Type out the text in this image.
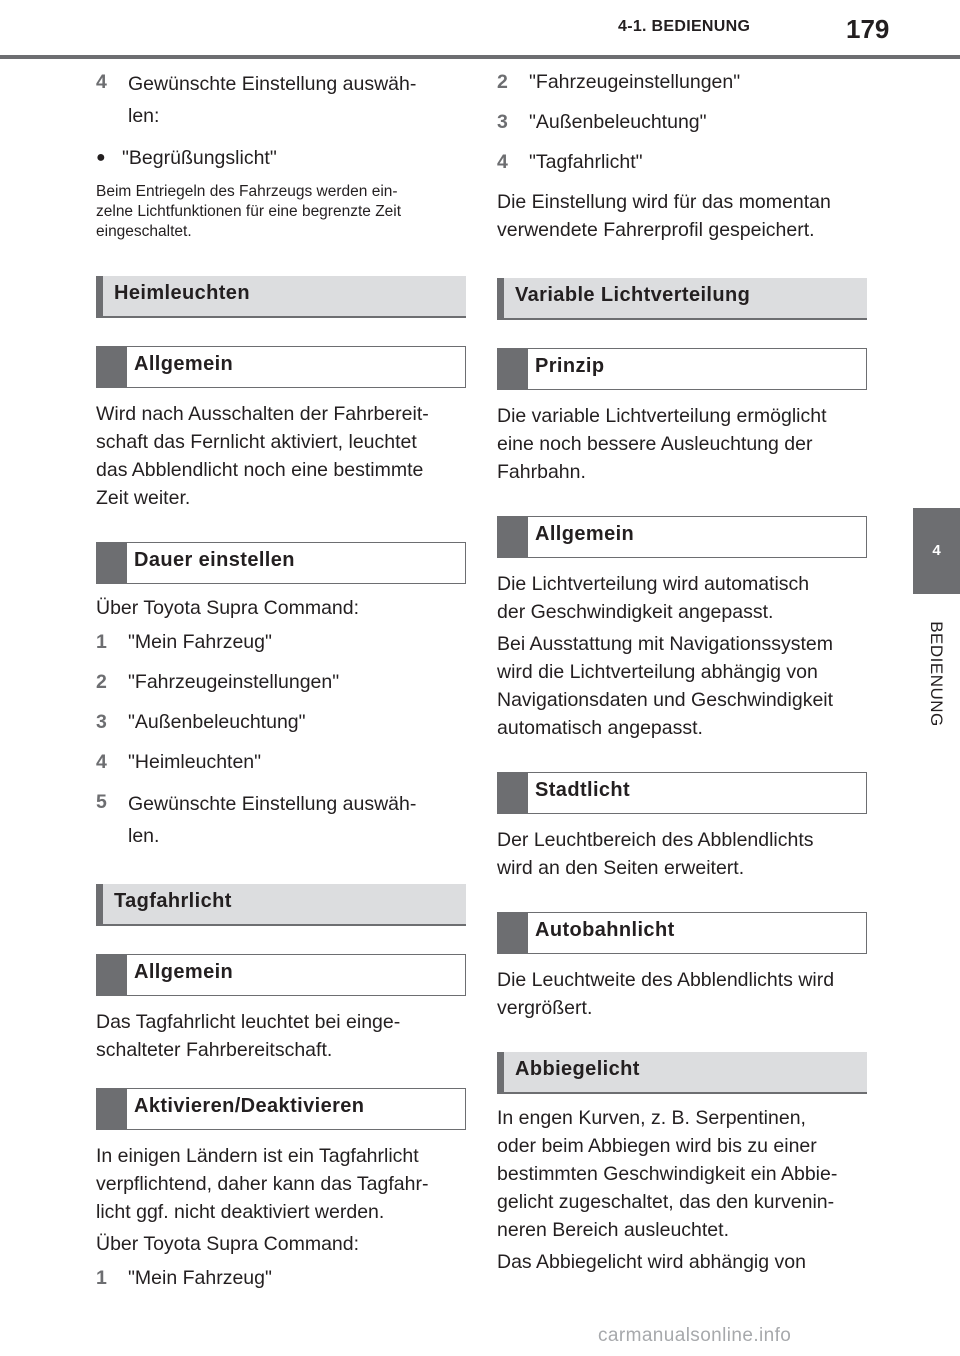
4-1. BEDIENUNG	179
4
BEDIENUNG
4	Gewünschte Einstellung auswäh-
len:
● "Begrüßungslicht"
Beim Entriegeln des Fahrzeugs werden ein-
zelne Lichtfunktionen für eine begrenzte Zeit
eingeschaltet.
Heimleuchten
Allgemein
Wird nach Ausschalten der Fahrbereit-
schaft das Fernlicht aktiviert, leuchtet
das Abblendlicht noch eine bestimmte
Zeit weiter.
Dauer einstellen
Über Toyota Supra Command:
1	"Mein Fahrzeug"
2	"Fahrzeugeinstellungen"
3	"Außenbeleuchtung"
4	"Heimleuchten"
5	Gewünschte Einstellung auswäh-
len.
Tagfahrlicht
Allgemein
Das Tagfahrlicht leuchtet bei einge-
schalteter Fahrbereitschaft.
Aktivieren/Deaktivieren
In einigen Ländern ist ein Tagfahrlicht
verpflichtend, daher kann das Tagfahr-
licht ggf. nicht deaktiviert werden.
Über Toyota Supra Command:
1	"Mein Fahrzeug"
2	"Fahrzeugeinstellungen"
3	"Außenbeleuchtung"
4	"Tagfahrlicht"
Die Einstellung wird für das momentan
verwendete Fahrerprofil gespeichert.
Variable Lichtverteilung
Prinzip
Die variable Lichtverteilung ermöglicht
eine noch bessere Ausleuchtung der
Fahrbahn.
Allgemein
Die Lichtverteilung wird automatisch
der Geschwindigkeit angepasst.
Bei Ausstattung mit Navigationssystem
wird die Lichtverteilung abhängig von
Navigationsdaten und Geschwindigkeit
automatisch angepasst.
Stadtlicht
Der Leuchtbereich des Abblendlichts
wird an den Seiten erweitert.
Autobahnlicht
Die Leuchtweite des Abblendlichts wird
vergrößert.
Abbiegelicht
In engen Kurven, z. B. Serpentinen,
oder beim Abbiegen wird bis zu einer
bestimmten Geschwindigkeit ein Abbie-
gelicht zugeschaltet, das den kurvenin-
neren Bereich ausleuchtet.
Das Abbiegelicht wird abhängig von
carmanualsonline.info
